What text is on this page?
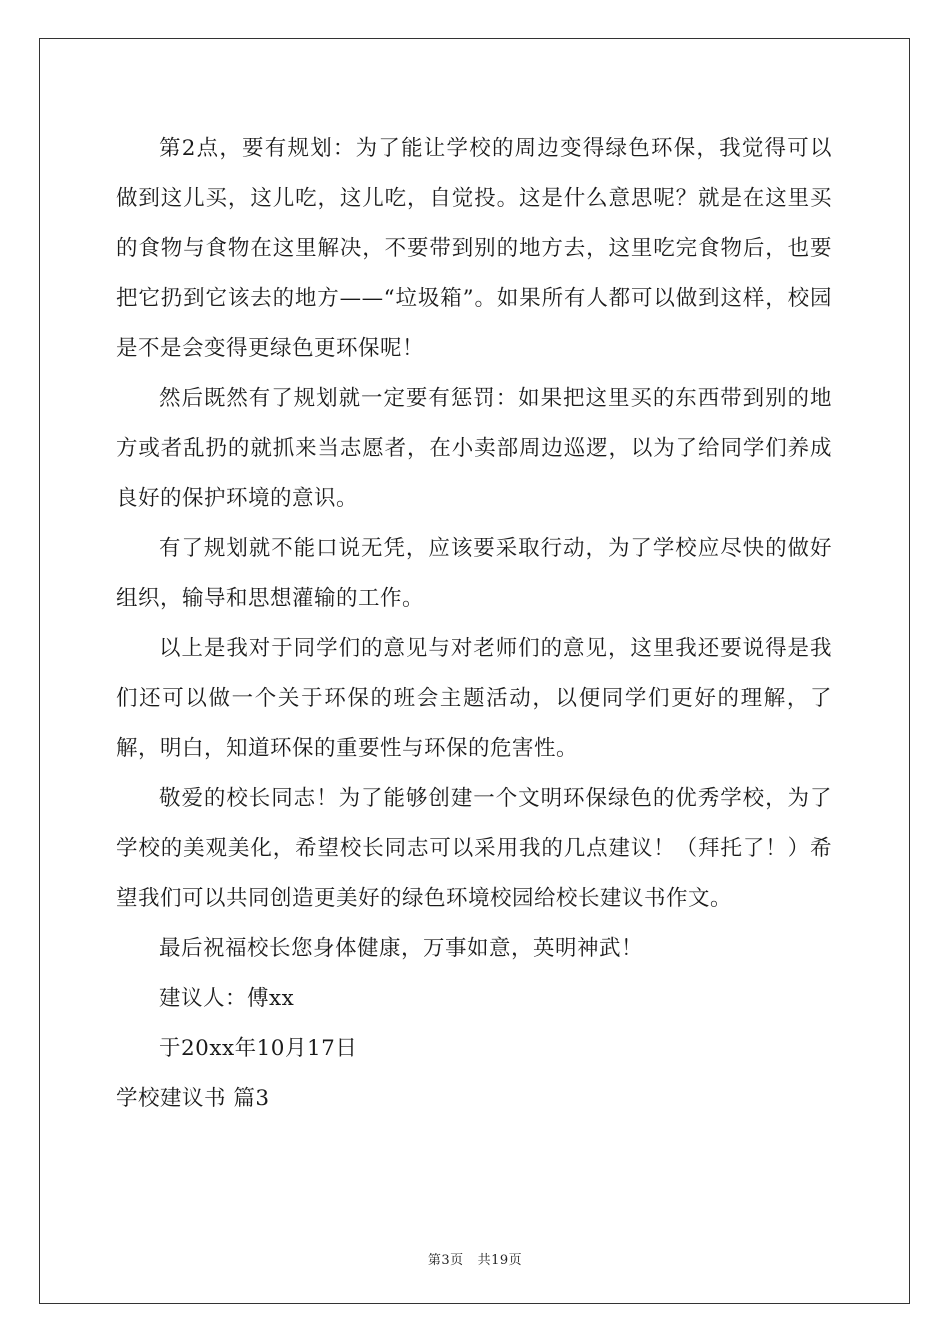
第2点，要有规划：为了能让学校的周边变得绿色环保，我觉得可以做到这儿买，这儿吃，这儿吃，自觉投。这是什么意思呢？就是在这里买的食物与食物在这里解决，不要带到别的地方去，这里吃完食物后，也要把它扔到它该去的地方——“垃圾箱”。如果所有人都可以做到这样，校园是不是会变得更绿色更环保呢！

然后既然有了规划就一定要有惩罚：如果把这里买的东西带到别的地方或者乱扔的就抓来当志愿者，在小卖部周边巡逻，以为了给同学们养成良好的保护环境的意识。

有了规划就不能口说无凭，应该要采取行动，为了学校应尽快的做好组织，输导和思想灌输的工作。

以上是我对于同学们的意见与对老师们的意见，这里我还要说得是我们还可以做一个关于环保的班会主题活动，以便同学们更好的理解，了解，明白，知道环保的重要性与环保的危害性。

敬爱的校长同志！为了能够创建一个文明环保绿色的优秀学校，为了学校的美观美化，希望校长同志可以采用我的几点建议！（拜托了！）希望我们可以共同创造更美好的绿色环境校园给校长建议书作文。

最后祝福校长您身体健康，万事如意，英明神武！

建议人：傅xx

于20xx年10月17日

学校建议书 篇3

第3页 共19页
